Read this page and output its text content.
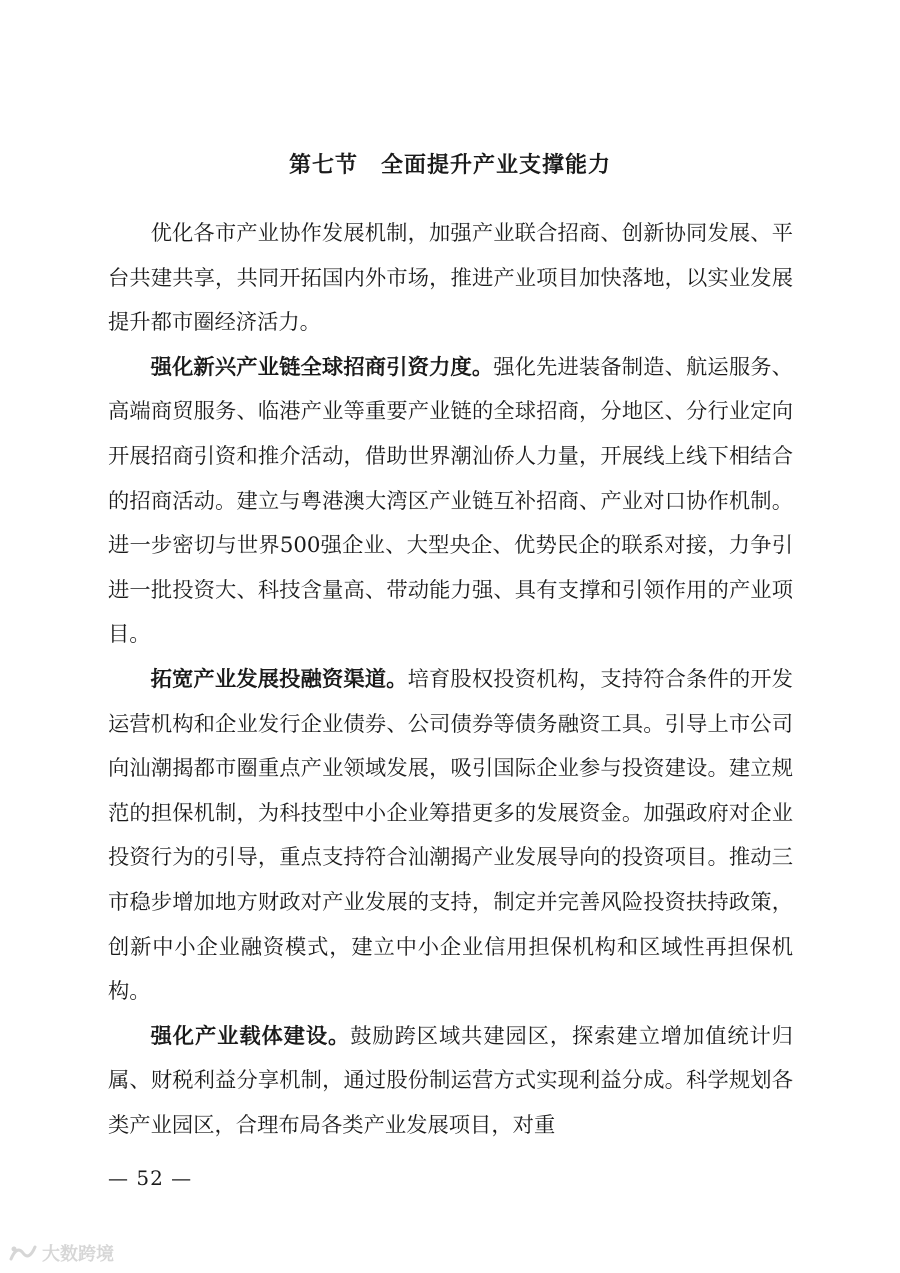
第七节　全面提升产业支撑能力

优化各市产业协作发展机制，加强产业联合招商、创新协同发展、平台共建共享，共同开拓国内外市场，推进产业项目加快落地，以实业发展提升都市圈经济活力。

强化新兴产业链全球招商引资力度。强化先进装备制造、航运服务、高端商贸服务、临港产业等重要产业链的全球招商，分地区、分行业定向开展招商引资和推介活动，借助世界潮汕侨人力量，开展线上线下相结合的招商活动。建立与粤港澳大湾区产业链互补招商、产业对口协作机制。进一步密切与世界500强企业、大型央企、优势民企的联系对接，力争引进一批投资大、科技含量高、带动能力强、具有支撑和引领作用的产业项目。

拓宽产业发展投融资渠道。培育股权投资机构，支持符合条件的开发运营机构和企业发行企业债券、公司债券等债务融资工具。引导上市公司向汕潮揭都市圈重点产业领域发展，吸引国际企业参与投资建设。建立规范的担保机制，为科技型中小企业筹措更多的发展资金。加强政府对企业投资行为的引导，重点支持符合汕潮揭产业发展导向的投资项目。推动三市稳步增加地方财政对产业发展的支持，制定并完善风险投资扶持政策，创新中小企业融资模式，建立中小企业信用担保机构和区域性再担保机构。

强化产业载体建设。鼓励跨区域共建园区，探索建立增加值统计归属、财税利益分享机制，通过股份制运营方式实现利益分成。科学规划各类产业园区，合理布局各类产业发展项目，对重

— 52 —
大数跨境
